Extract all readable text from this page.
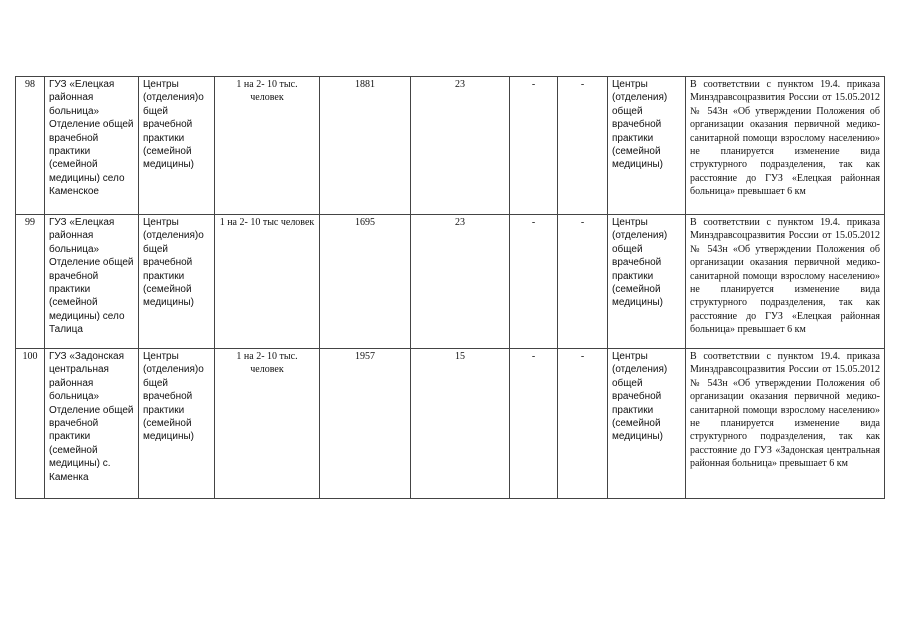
98	ГУЗ «Елецкая районная больница» Отделение общей врачебной практики (семейной медицины) село Каменское	Центры (отделения)о бщей врачебной практики (семейной медицины)	1 на 2- 10 тыс. человек	1881	23	-	-	Центры (отделения) общей врачебной практики (семейной медицины)	В соответствии с пунктом 19.4. приказа Минздравсоцразвития России от 15.05.2012 № 543н «Об утверждении Положения об организации оказания первичной медико-санитарной помощи взрослому населению» не планируется изменение вида структурного подразделения, так как расстояние до ГУЗ «Елецкая районная больница» превышает 6 км
99	ГУЗ «Елецкая районная больница» Отделение общей врачебной практики (семейной медицины) село Талица	Центры (отделения)о бщей врачебной практики (семейной медицины)	1 на 2- 10 тыс человек	1695	23	-	-	Центры (отделения) общей врачебной практики (семейной медицины)	В соответствии с пунктом 19.4. приказа Минздравсоцразвития России от 15.05.2012 № 543н «Об утверждении Положения об организации оказания первичной медико-санитарной помощи взрослому населению» не планируется изменение вида структурного подразделения, так как расстояние до ГУЗ «Елецкая районная больница» превышает 6 км
100	ГУЗ «Задонская центральная районная больница» Отделение общей врачебной практики (семейной медицины) с. Каменка	Центры (отделения)о бщей врачебной практики (семейной медицины)	1 на 2- 10 тыс. человек	1957	15	-	-	Центры (отделения) общей врачебной практики (семейной медицины)	В соответствии с пунктом 19.4. приказа Минздравсоцразвития России от 15.05.2012 № 543н «Об утверждении Положения об организации оказания первичной медико-санитарной помощи взрослому населению» не планируется изменение вида структурного подразделения, так как расстояние до ГУЗ «Задонская центральная районная больница» превышает 6 км
